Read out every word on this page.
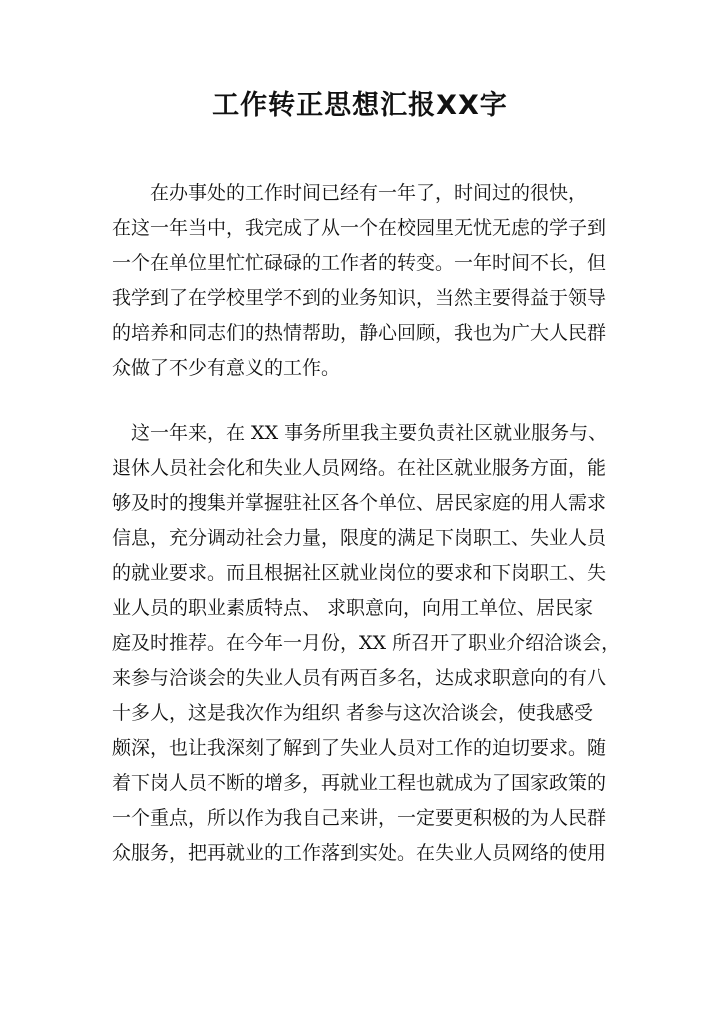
工作转正思想汇报XX字
　　在办事处的工作时间已经有一年了，时间过的很快，
在这一年当中，我完成了从一个在校园里无忧无虑的学子到
一个在单位里忙忙碌碌的工作者的转变。一年时间不长，但
我学到了在学校里学不到的业务知识，当然主要得益于领导
的培养和同志们的热情帮助，静心回顾，我也为广大人民群
众做了不少有意义的工作。
　这一年来，在 XX 事务所里我主要负责社区就业服务与、
退休人员社会化和失业人员网络。在社区就业服务方面，能
够及时的搜集并掌握驻社区各个单位、居民家庭的用人需求
信息，充分调动社会力量，限度的满足下岗职工、失业人员
的就业要求。而且根据社区就业岗位的要求和下岗职工、失
业人员的职业素质特点、 求职意向，向用工单位、居民家
庭及时推荐。在今年一月份，XX 所召开了职业介绍洽谈会，
来参与洽谈会的失业人员有两百多名，达成求职意向的有八
十多人，这是我次作为组织 者参与这次洽谈会，使我感受
颇深，也让我深刻了解到了失业人员对工作的迫切要求。随
着下岗人员不断的增多，再就业工程也就成为了国家政策的
一个重点，所以作为我自己来讲，一定要更积极的为人民群
众服务，把再就业的工作落到实处。在失业人员网络的使用
